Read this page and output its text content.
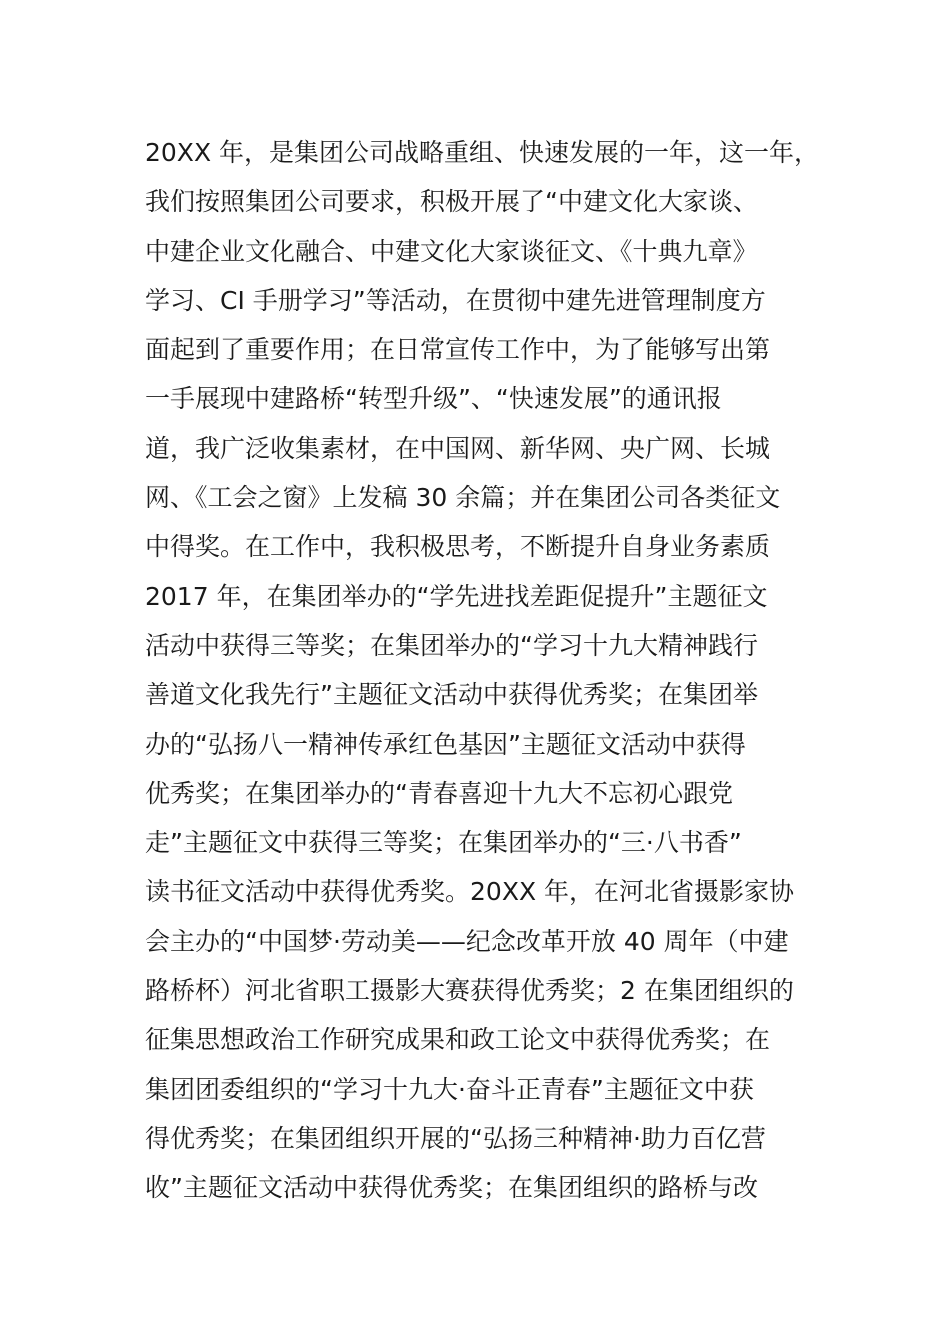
20XX 年，是集团公司战略重组、快速发展的一年，这一年，
我们按照集团公司要求，积极开展了“中建文化大家谈、
中建企业文化融合、中建文化大家谈征文、《十典九章》
学习、CI 手册学习”等活动，在贯彻中建先进管理制度方
面起到了重要作用；在日常宣传工作中，为了能够写出第
一手展现中建路桥“转型升级”、“快速发展”的通讯报
道，我广泛收集素材，在中国网、新华网、央广网、长城
网、《工会之窗》上发稿 30 余篇；并在集团公司各类征文
中得奖。在工作中，我积极思考，不断提升自身业务素质
2017 年，在集团举办的“学先进找差距促提升”主题征文
活动中获得三等奖；在集团举办的“学习十九大精神践行
善道文化我先行”主题征文活动中获得优秀奖；在集团举
办的“弘扬八一精神传承红色基因”主题征文活动中获得
优秀奖；在集团举办的“青春喜迎十九大不忘初心跟党
走”主题征文中获得三等奖；在集团举办的“三·八书香”
读书征文活动中获得优秀奖。20XX 年，在河北省摄影家协
会主办的“中国梦·劳动美——纪念改革开放 40 周年（中建
路桥杯）河北省职工摄影大赛获得优秀奖；2 在集团组织的
征集思想政治工作研究成果和政工论文中获得优秀奖；在
集团团委组织的“学习十九大·奋斗正青春”主题征文中获
得优秀奖；在集团组织开展的“弘扬三种精神·助力百亿营
收”主题征文活动中获得优秀奖；在集团组织的路桥与改
